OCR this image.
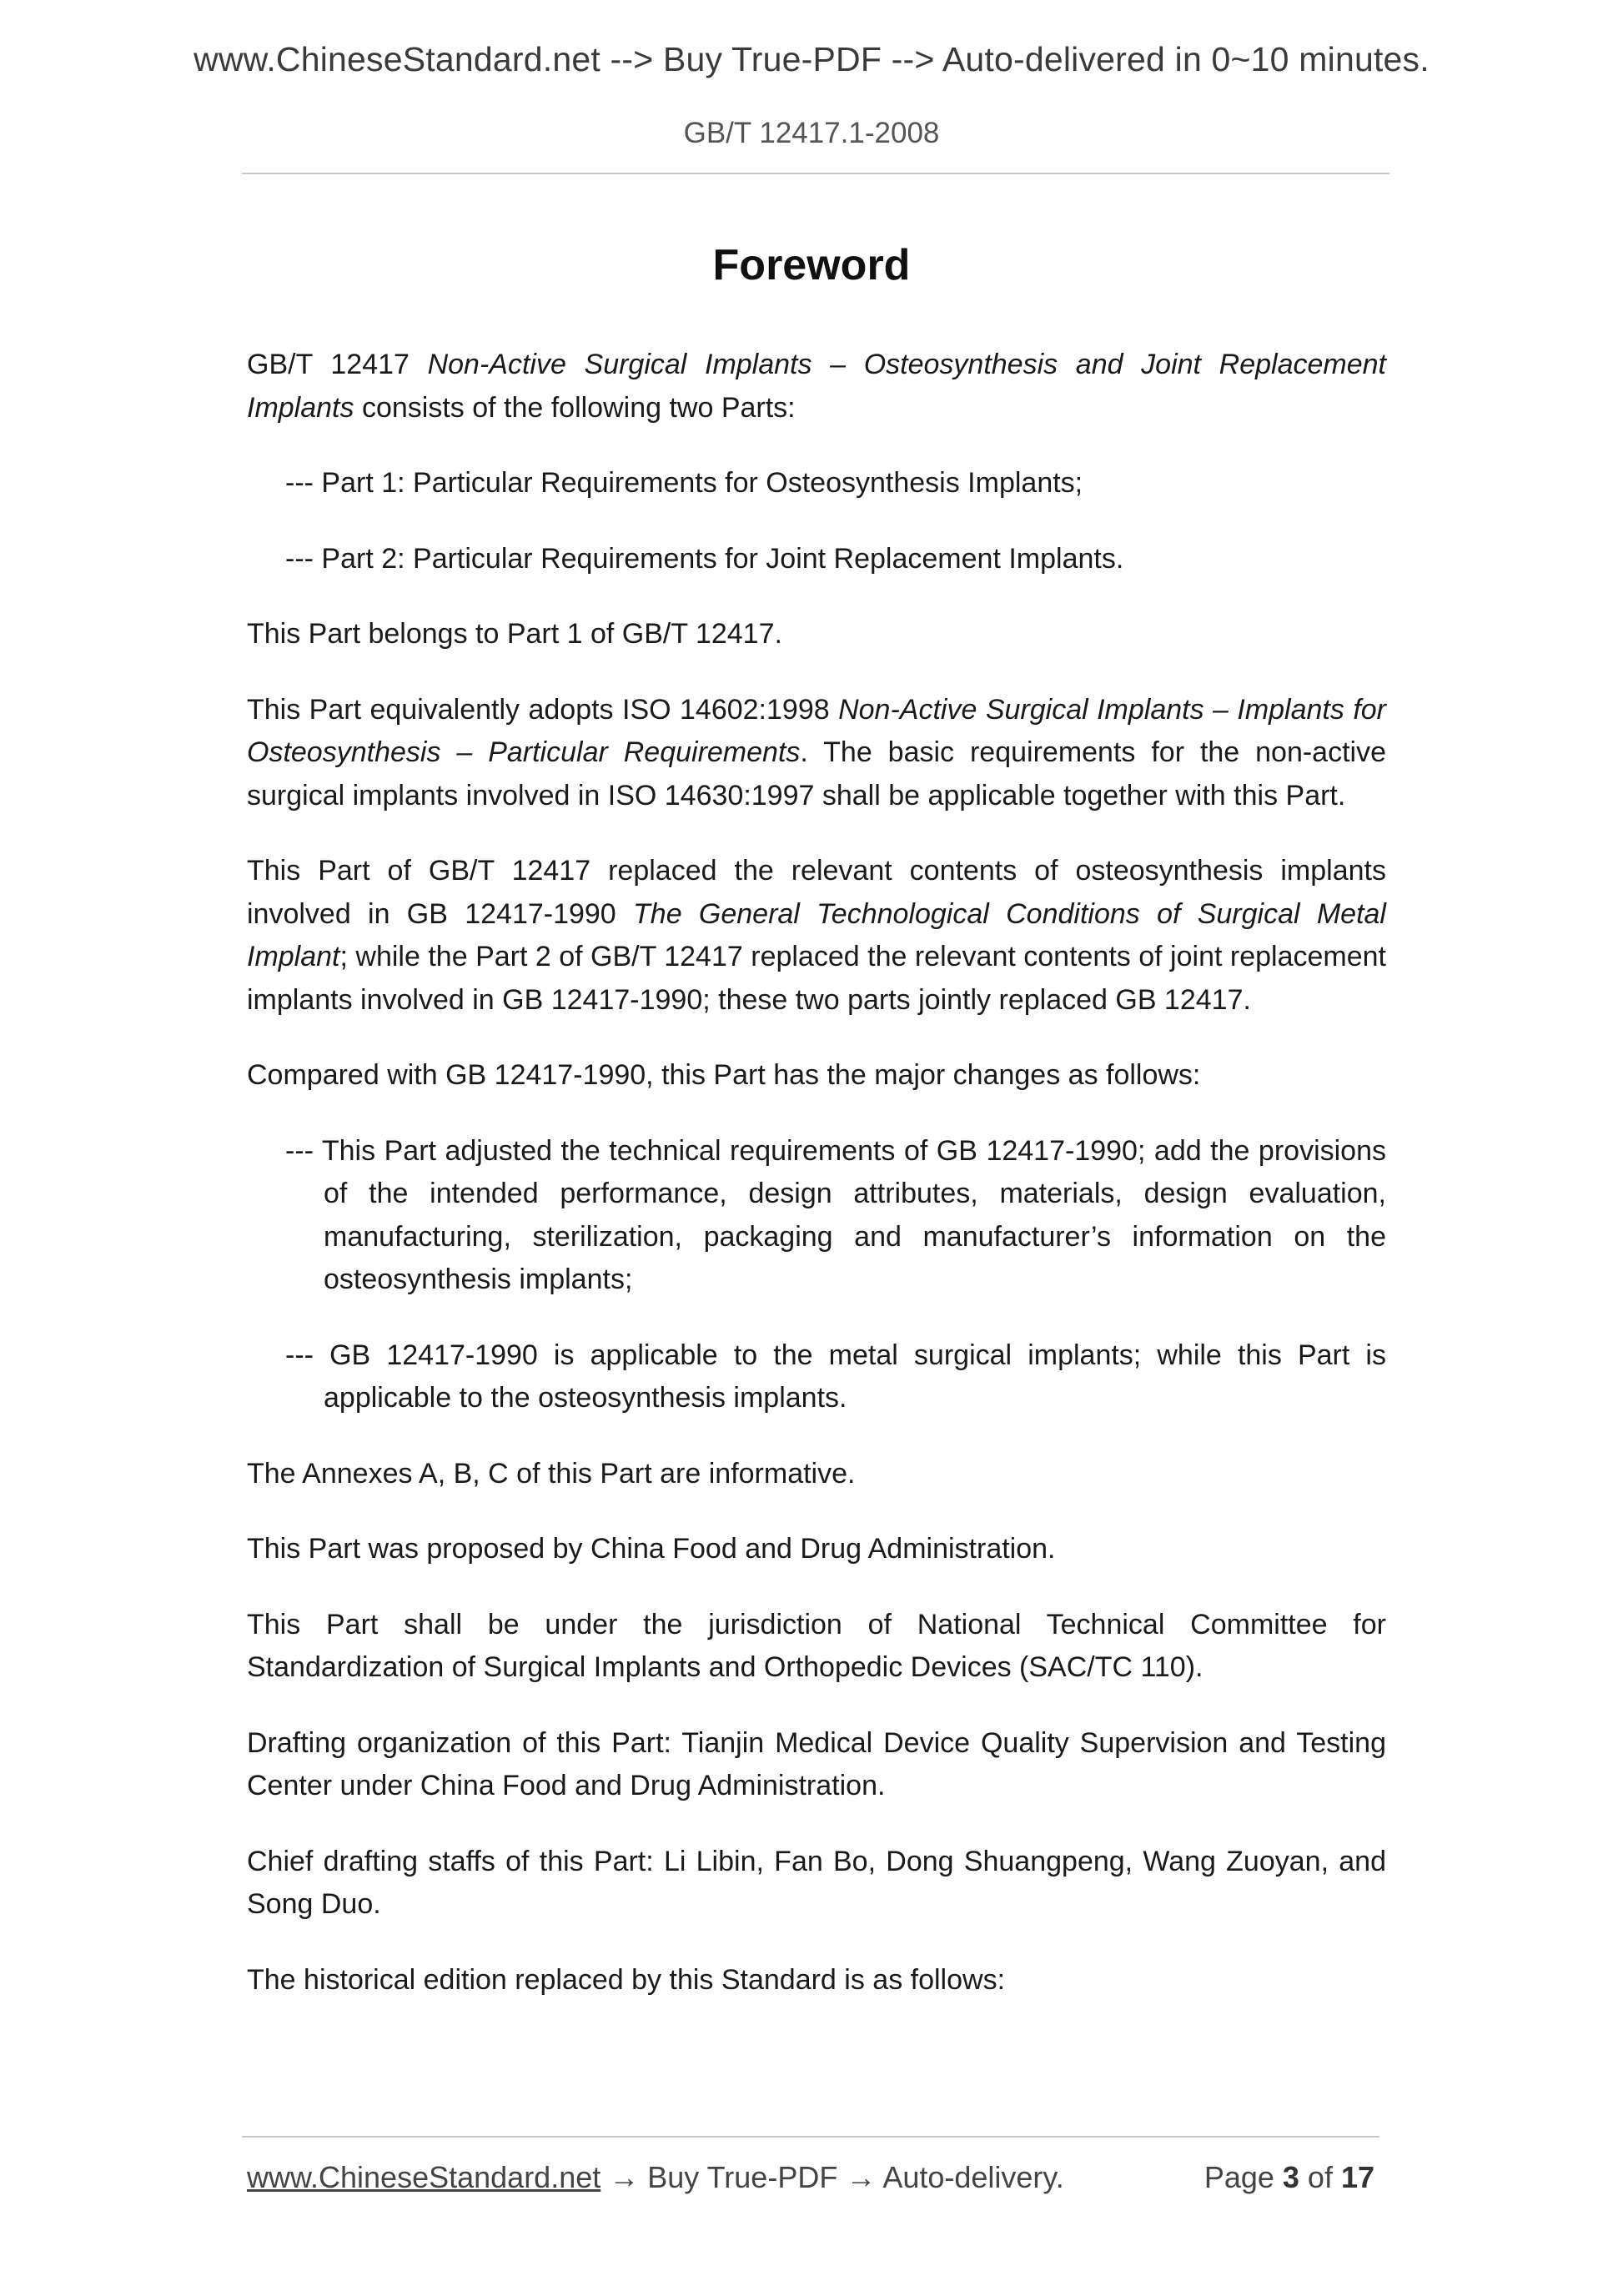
www.ChineseStandard.net --> Buy True-PDF --> Auto-delivered in 0~10 minutes.
GB/T 12417.1-2008
Foreword

GB/T 12417 Non-Active Surgical Implants – Osteosynthesis and Joint Replacement Implants consists of the following two Parts:

--- Part 1: Particular Requirements for Osteosynthesis Implants;

--- Part 2: Particular Requirements for Joint Replacement Implants.

This Part belongs to Part 1 of GB/T 12417.

This Part equivalently adopts ISO 14602:1998 Non-Active Surgical Implants – Implants for Osteosynthesis – Particular Requirements. The basic requirements for the non-active surgical implants involved in ISO 14630:1997 shall be applicable together with this Part.

This Part of GB/T 12417 replaced the relevant contents of osteosynthesis implants involved in GB 12417-1990 The General Technological Conditions of Surgical Metal Implant; while the Part 2 of GB/T 12417 replaced the relevant contents of joint replacement implants involved in GB 12417-1990; these two parts jointly replaced GB 12417.

Compared with GB 12417-1990, this Part has the major changes as follows:

--- This Part adjusted the technical requirements of GB 12417-1990; add the provisions of the intended performance, design attributes, materials, design evaluation, manufacturing, sterilization, packaging and manufacturer’s information on the osteosynthesis implants;

--- GB 12417-1990 is applicable to the metal surgical implants; while this Part is applicable to the osteosynthesis implants.

The Annexes A, B, C of this Part are informative.

This Part was proposed by China Food and Drug Administration.

This Part shall be under the jurisdiction of National Technical Committee for Standardization of Surgical Implants and Orthopedic Devices (SAC/TC 110).

Drafting organization of this Part: Tianjin Medical Device Quality Supervision and Testing Center under China Food and Drug Administration.

Chief drafting staffs of this Part: Li Libin, Fan Bo, Dong Shuangpeng, Wang Zuoyan, and Song Duo.

The historical edition replaced by this Standard is as follows:

www.ChineseStandard.net → Buy True-PDF → Auto-delivery.	Page 3 of 17
